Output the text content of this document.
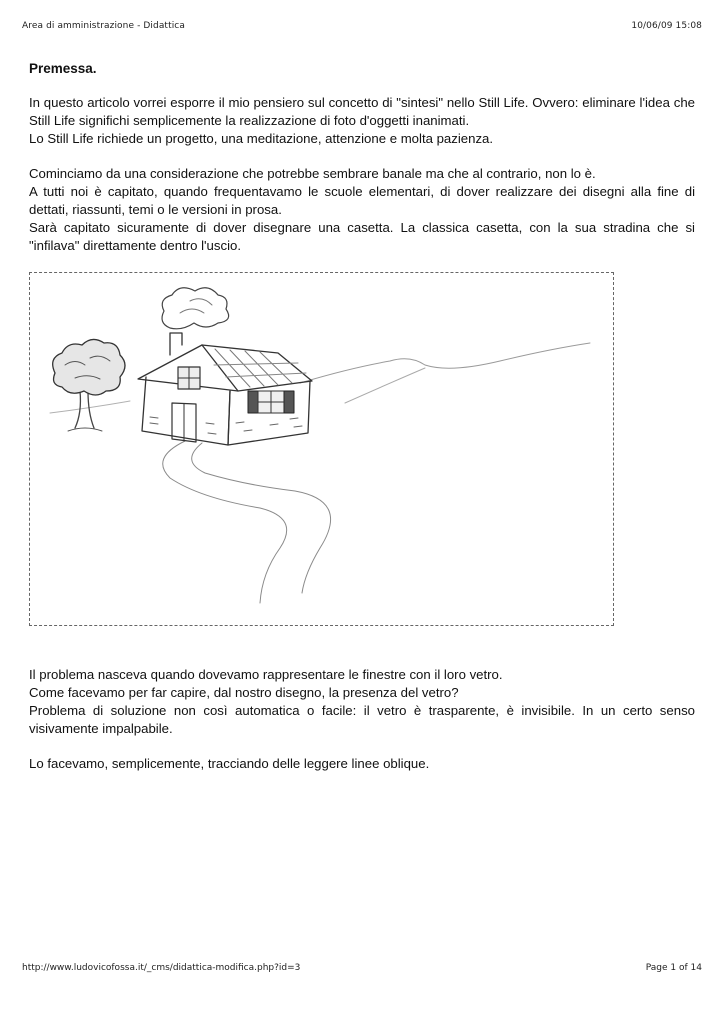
Area di amministrazione - Didattica	10/06/09 15:08
Premessa.

In questo articolo vorrei esporre il mio pensiero sul concetto di "sintesi" nello Still Life. Ovvero: eliminare l'idea che Still Life significhi semplicemente la realizzazione di foto d'oggetti inanimati.
Lo Still Life richiede un progetto, una meditazione, attenzione e molta pazienza.

Cominciamo da una considerazione che potrebbe sembrare banale ma che al contrario, non lo è.
A tutti noi è capitato, quando frequentavamo le scuole elementari, di dover realizzare dei disegni alla fine di dettati, riassunti, temi o le versioni in prosa.
Sarà capitato sicuramente di dover disegnare una casetta. La classica casetta, con la sua stradina che si "infilava" direttamente dentro l'uscio.

Il problema nasceva quando dovevamo rappresentare le finestre con il loro vetro.
Come facevamo per far capire, dal nostro disegno, la presenza del vetro?
Problema di soluzione non così automatica o facile: il vetro è trasparente, è invisibile. In un certo senso visivamente impalpabile.

Lo facevamo, semplicemente, tracciando delle leggere linee oblique.

http://www.ludovicofossa.it/_cms/didattica-modifica.php?id=3	Page 1 of 14
